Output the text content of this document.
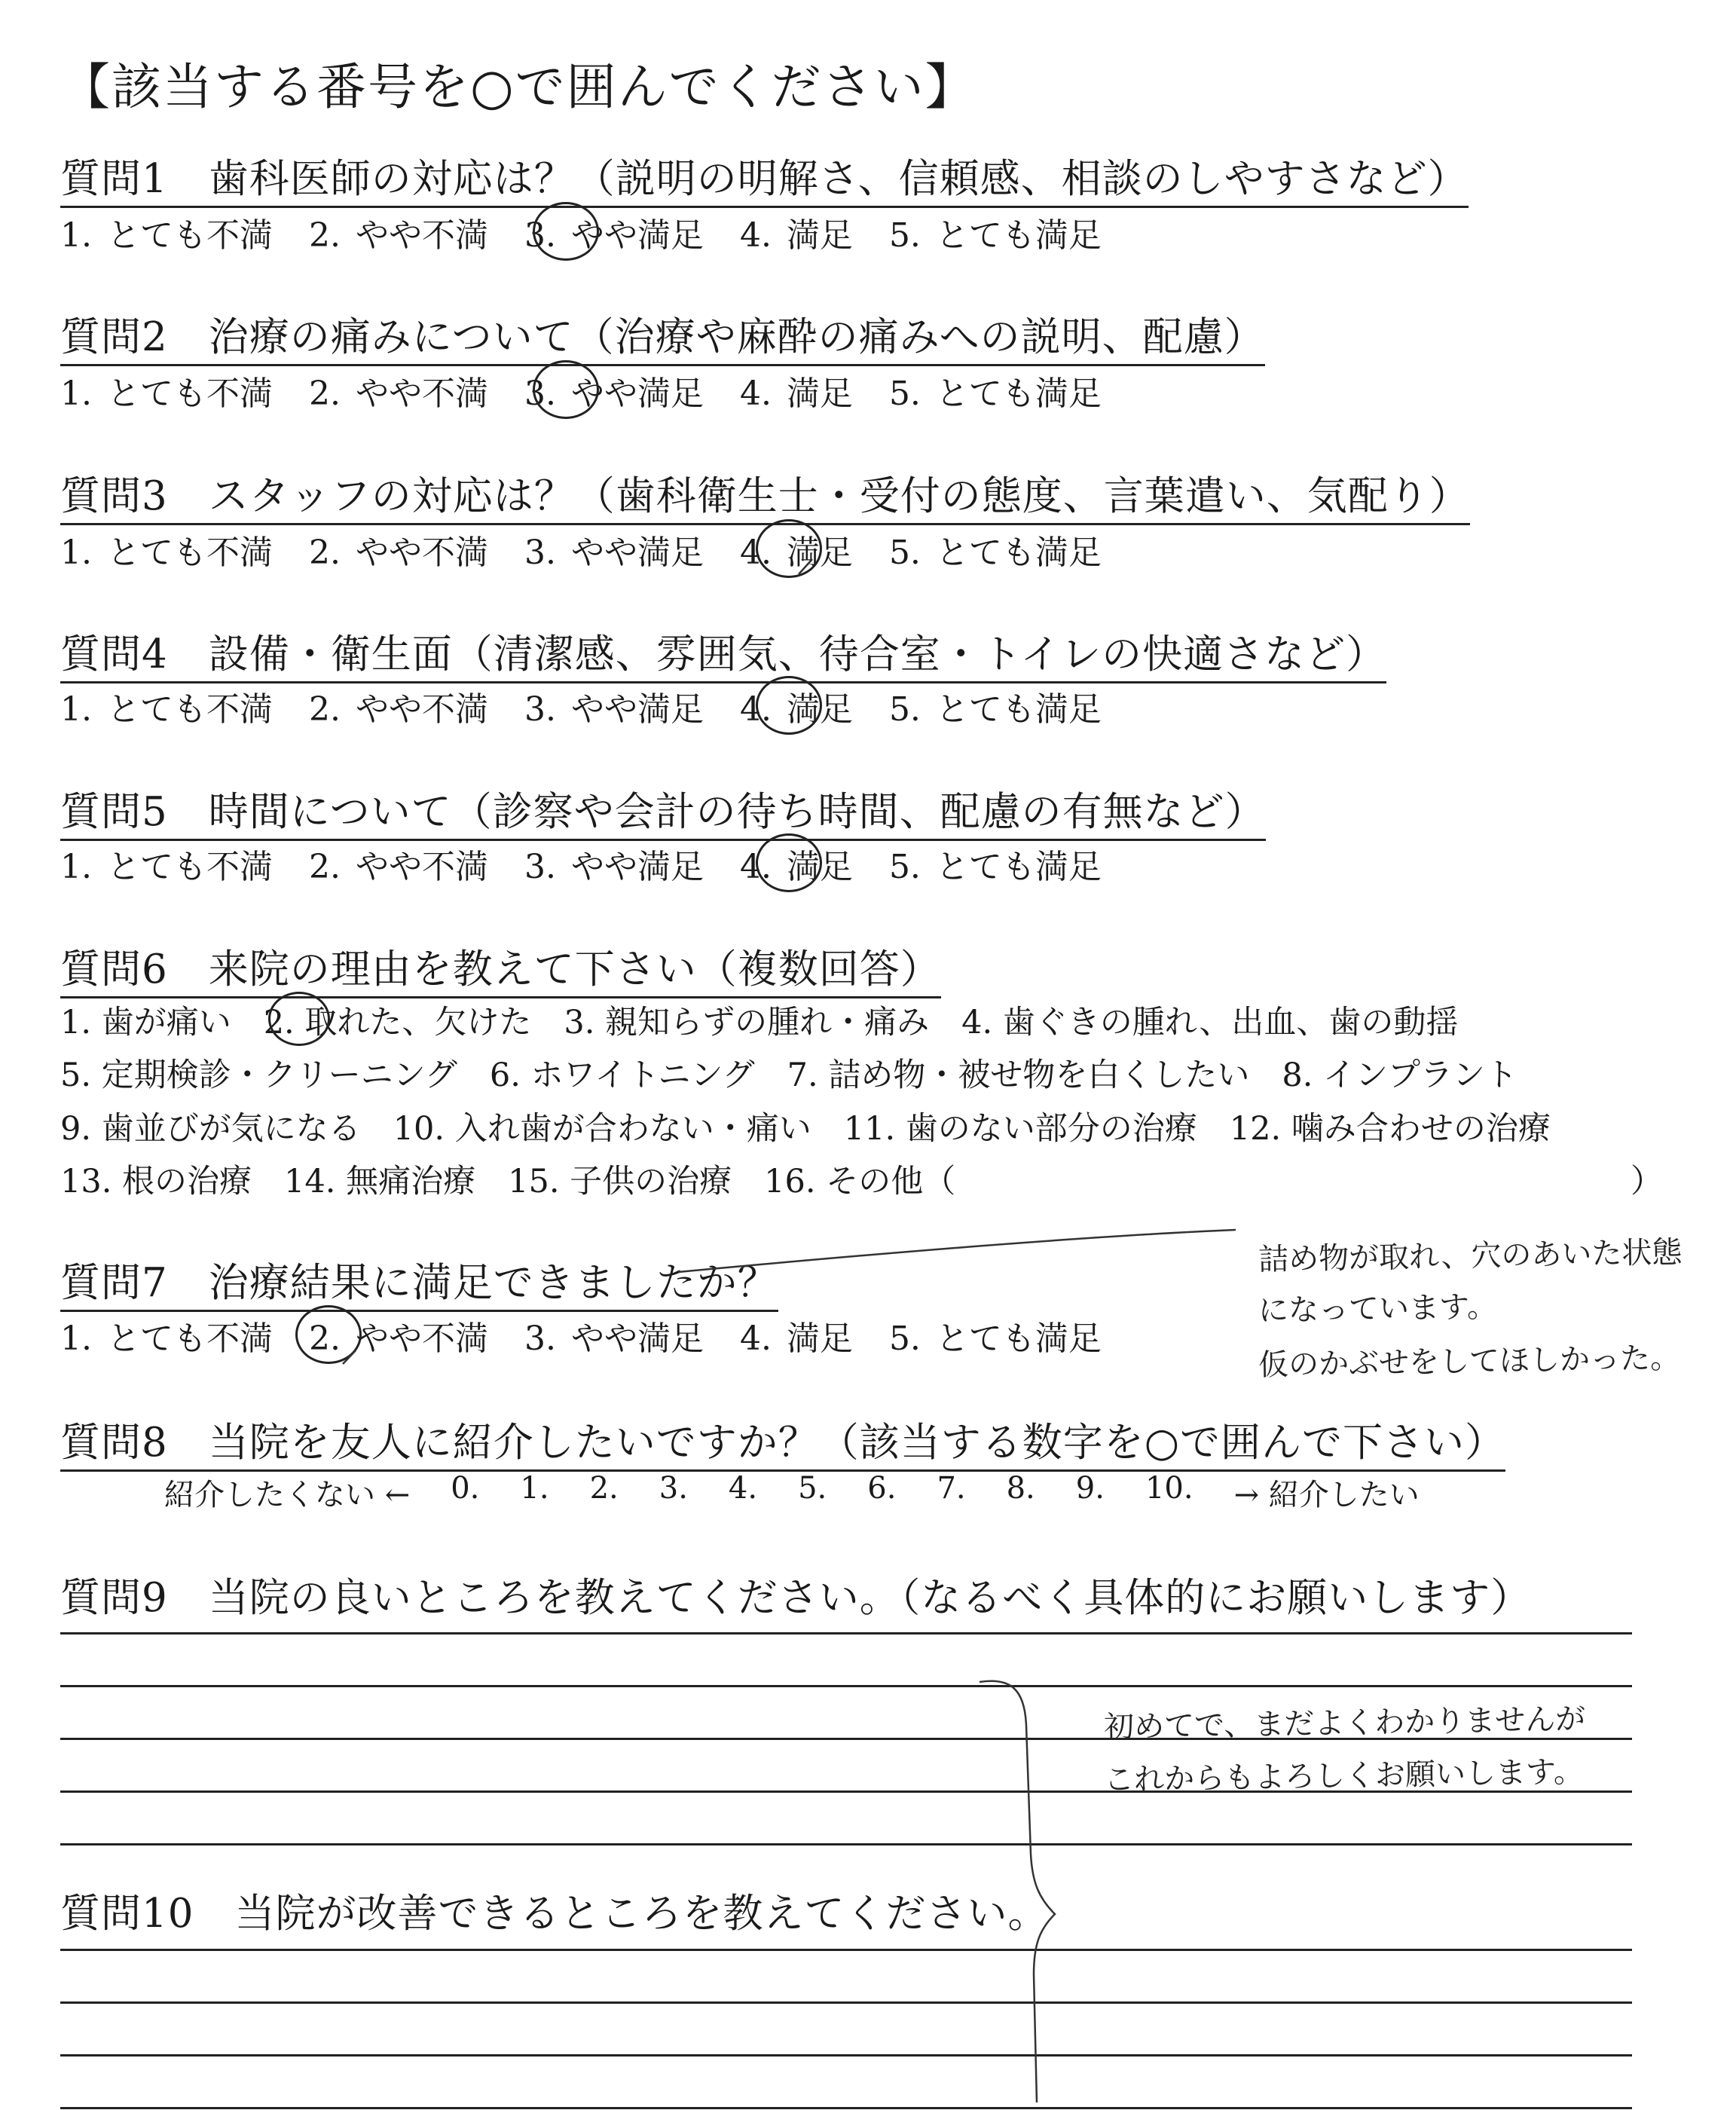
【該当する番号を○で囲んでください】
質問1　歯科医師の対応は？（説明の明解さ、信頼感、相談のしやすさなど）
1. とても不満 2. やや不満 3. やや満足 4. 満足 5. とても満足
質問2　治療の痛みについて（治療や麻酔の痛みへの説明、配慮）
1. とても不満 2. やや不満 3. やや満足 4. 満足 5. とても満足
質問3　スタッフの対応は？（歯科衛生士・受付の態度、言葉遣い、気配り）
1. とても不満 2. やや不満 3. やや満足 4. 満足 5. とても満足
質問4　設備・衛生面（清潔感、雰囲気、待合室・トイレの快適さなど）
1. とても不満 2. やや不満 3. やや満足 4. 満足 5. とても満足
質問5　時間について（診察や会計の待ち時間、配慮の有無など）
1. とても不満 2. やや不満 3. やや満足 4. 満足 5. とても満足
質問6　来院の理由を教えて下さい（複数回答）
1. 歯が痛い　2. 取れた、欠けた　3. 親知らずの腫れ・痛み　4. 歯ぐきの腫れ、出血、歯の動揺
5. 定期検診・クリーニング　6. ホワイトニング　7. 詰め物・被せ物を白くしたい　8. インプラント
9. 歯並びが気になる　10. 入れ歯が合わない・痛い　11. 歯のない部分の治療　12. 噛み合わせの治療
13. 根の治療　14. 無痛治療　15. 子供の治療　16. その他（	）
質問7　治療結果に満足できましたか？
1. とても不満 2. やや不満 3. やや満足 4. 満足 5. とても満足
詰め物が取れ、穴のあいた状態
になっています。
仮のかぶせをしてほしかった。
質問8　当院を友人に紹介したいですか？（該当する数字を○で囲んで下さい）
紹介したくない ← 0. 1. 2. 3. 4. 5. 6. 7. 8. 9. 10. → 紹介したい
質問9　当院の良いところを教えてください。（なるべく具体的にお願いします）
初めてで、まだよくわかりませんが
これからもよろしくお願いします。
質問10　当院が改善できるところを教えてください。
